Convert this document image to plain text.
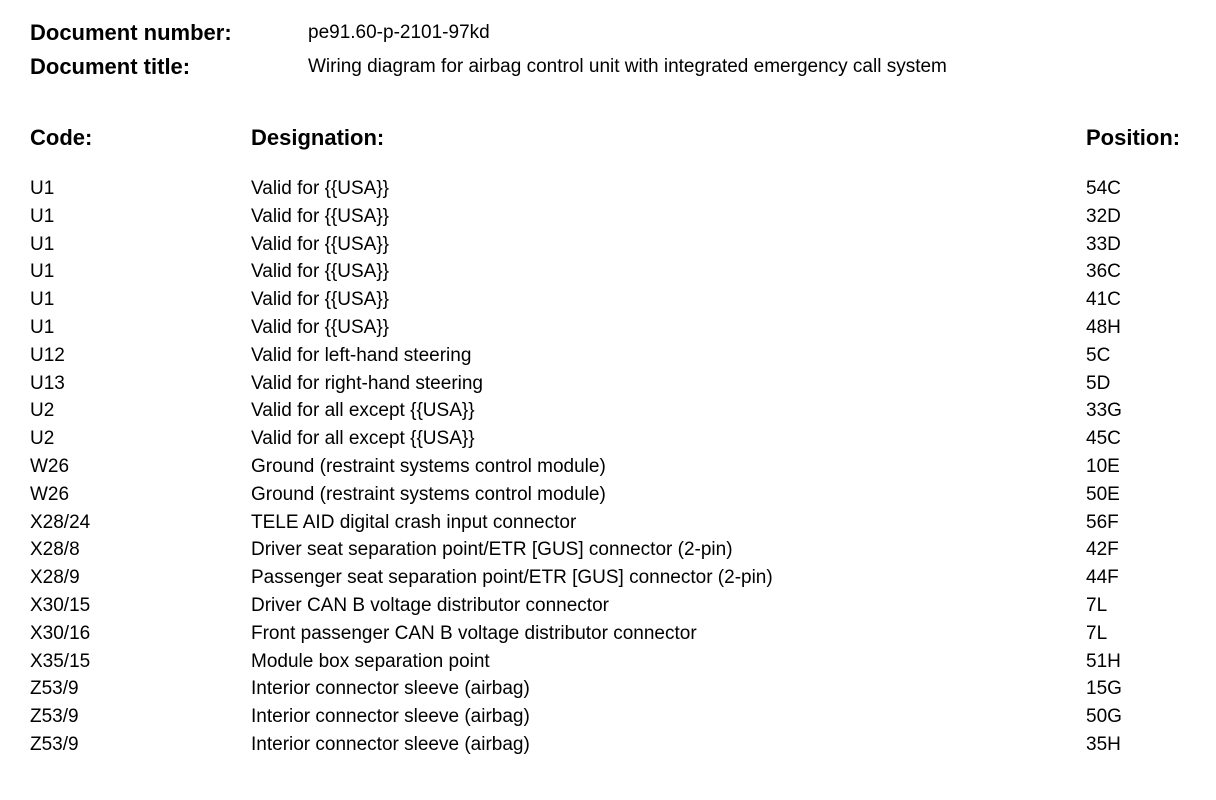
Document number:	pe91.60-p-2101-97kd
Document title:	Wiring diagram for airbag control unit with integrated emergency call system
Code:	Designation:	Position:
U1	Valid for {{USA}}	54C
U1	Valid for {{USA}}	32D
U1	Valid for {{USA}}	33D
U1	Valid for {{USA}}	36C
U1	Valid for {{USA}}	41C
U1	Valid for {{USA}}	48H
U12	Valid for left-hand steering	5C
U13	Valid for right-hand steering	5D
U2	Valid for all except {{USA}}	33G
U2	Valid for all except {{USA}}	45C
W26	Ground (restraint systems control module)	10E
W26	Ground (restraint systems control module)	50E
X28/24	TELE AID digital crash input connector	56F
X28/8	Driver seat separation point/ETR [GUS] connector (2-pin)	42F
X28/9	Passenger seat separation point/ETR [GUS] connector (2-pin)	44F
X30/15	Driver CAN B voltage distributor connector	7L
X30/16	Front passenger CAN B voltage distributor connector	7L
X35/15	Module box separation point	51H
Z53/9	Interior connector sleeve (airbag)	15G
Z53/9	Interior connector sleeve (airbag)	50G
Z53/9	Interior connector sleeve (airbag)	35H
